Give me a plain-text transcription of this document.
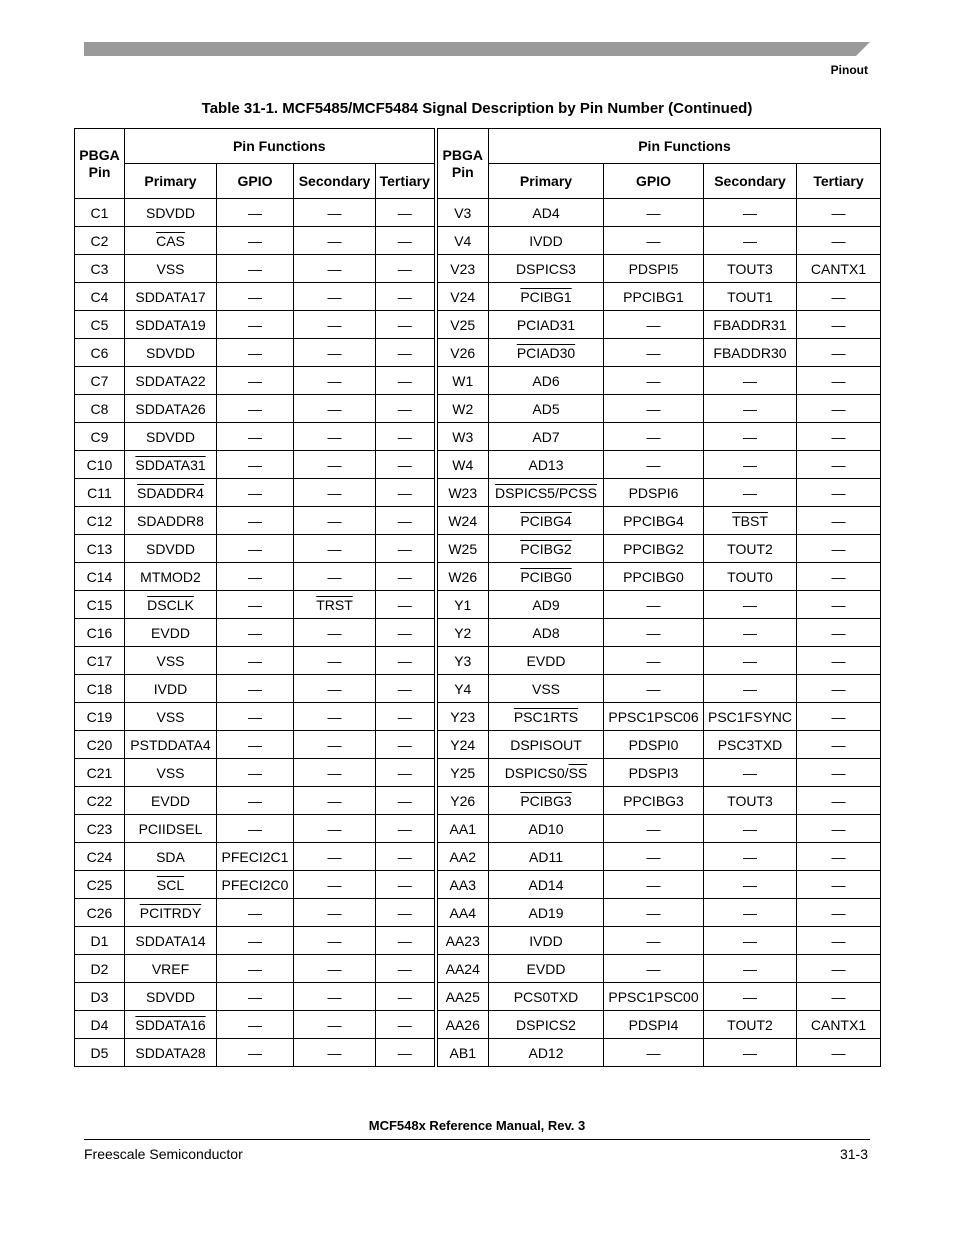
Pinout
Table 31-1. MCF5485/MCF5484 Signal Description by Pin Number (Continued)
PBGA Pin	Pin Functions				PBGA Pin	Pin Functions			
	Primary	GPIO	Secondary	Tertiary		Primary	GPIO	Secondary	Tertiary
C1	SDVDD	—	—	—	V3	AD4	—	—	—
C2	$\overline{CAS}$	—	—	—	V4	IVDD	—	—	—
C3	VSS	—	—	—	V23	DSPICS3	PDSPI5	TOUT3	CANTX1
C4	SDDATA17	—	—	—	V24	PCIBG1	PPCIBG1	TOUT1	—
C5	SDDATA19	—	—	—	V25	PCIAD31	—	FBADDR31	—
C6	SDVDD	—	—	—	V26	PCIAD30	—	FBADDR30	—
C7	SDDATA22	—	—	—	W1	AD6	—	—	—
C8	SDDATA26	—	—	—	W2	AD5	—	—	—
C9	SDVDD	—	—	—	W3	AD7	—	—	—
C10	SDDATA31	—	—	—	W4	AD13	—	—	—
C11	SDADDR4	—	—	—	W23	DSPICS5/PCSS	PDSPI6	—	—
C12	SDADDR8	—	—	—	W24	PCIBG4	PPCIBG4	TBST	—
C13	SDVDD	—	—	—	W25	PCIBG2	PPCIBG2	TOUT2	—
C14	MTMOD2	—	—	—	W26	PCIBG0	PPCIBG0	TOUT0	—
C15	DSCLK	—	TRST	—	Y1	AD9	—	—	—
C16	EVDD	—	—	—	Y2	AD8	—	—	—
C17	VSS	—	—	—	Y3	EVDD	—	—	—
C18	IVDD	—	—	—	Y4	VSS	—	—	—
C19	VSS	—	—	—	Y23	PSC1RTS	PPSC1PSC06	PSC1FSYNC	—
C20	PSTDDATA4	—	—	—	Y24	DSPISOUT	PDSPI0	PSC3TXD	—
C21	VSS	—	—	—	Y25	$DSPICS0/\overline{SS}$	PDSPI3	—	—
C22	EVDD	—	—	—	Y26	PCIBG3	PPCIBG3	TOUT3	—
C23	PCIIDSEL	—	—	—	AA1	AD10	—	—	—
C24	SDA	PFECI2C1	—	—	AA2	AD11	—	—	—
C25	$\overline{SCL}$	PFECI2C0	—	—	AA3	AD14	—	—	—
C26	PCITRDY	—	—	—	AA4	AD19	—	—	—
D1	SDDATA14	—	—	—	AA23	IVDD	—	—	—
D2	VREF	—	—	—	AA24	EVDD	—	—	—
D3	SDVDD	—	—	—	AA25	PCS0TXD	PPSC1PSC00	—	—
D4	SDDATA16	—	—	—	AA26	DSPICS2	PDSPI4	TOUT2	CANTX1
D5	SDDATA28	—	—	—	AB1	AD12	—	—	—
MCF548x Reference Manual, Rev. 3
Freescale Semiconductor	31-3
